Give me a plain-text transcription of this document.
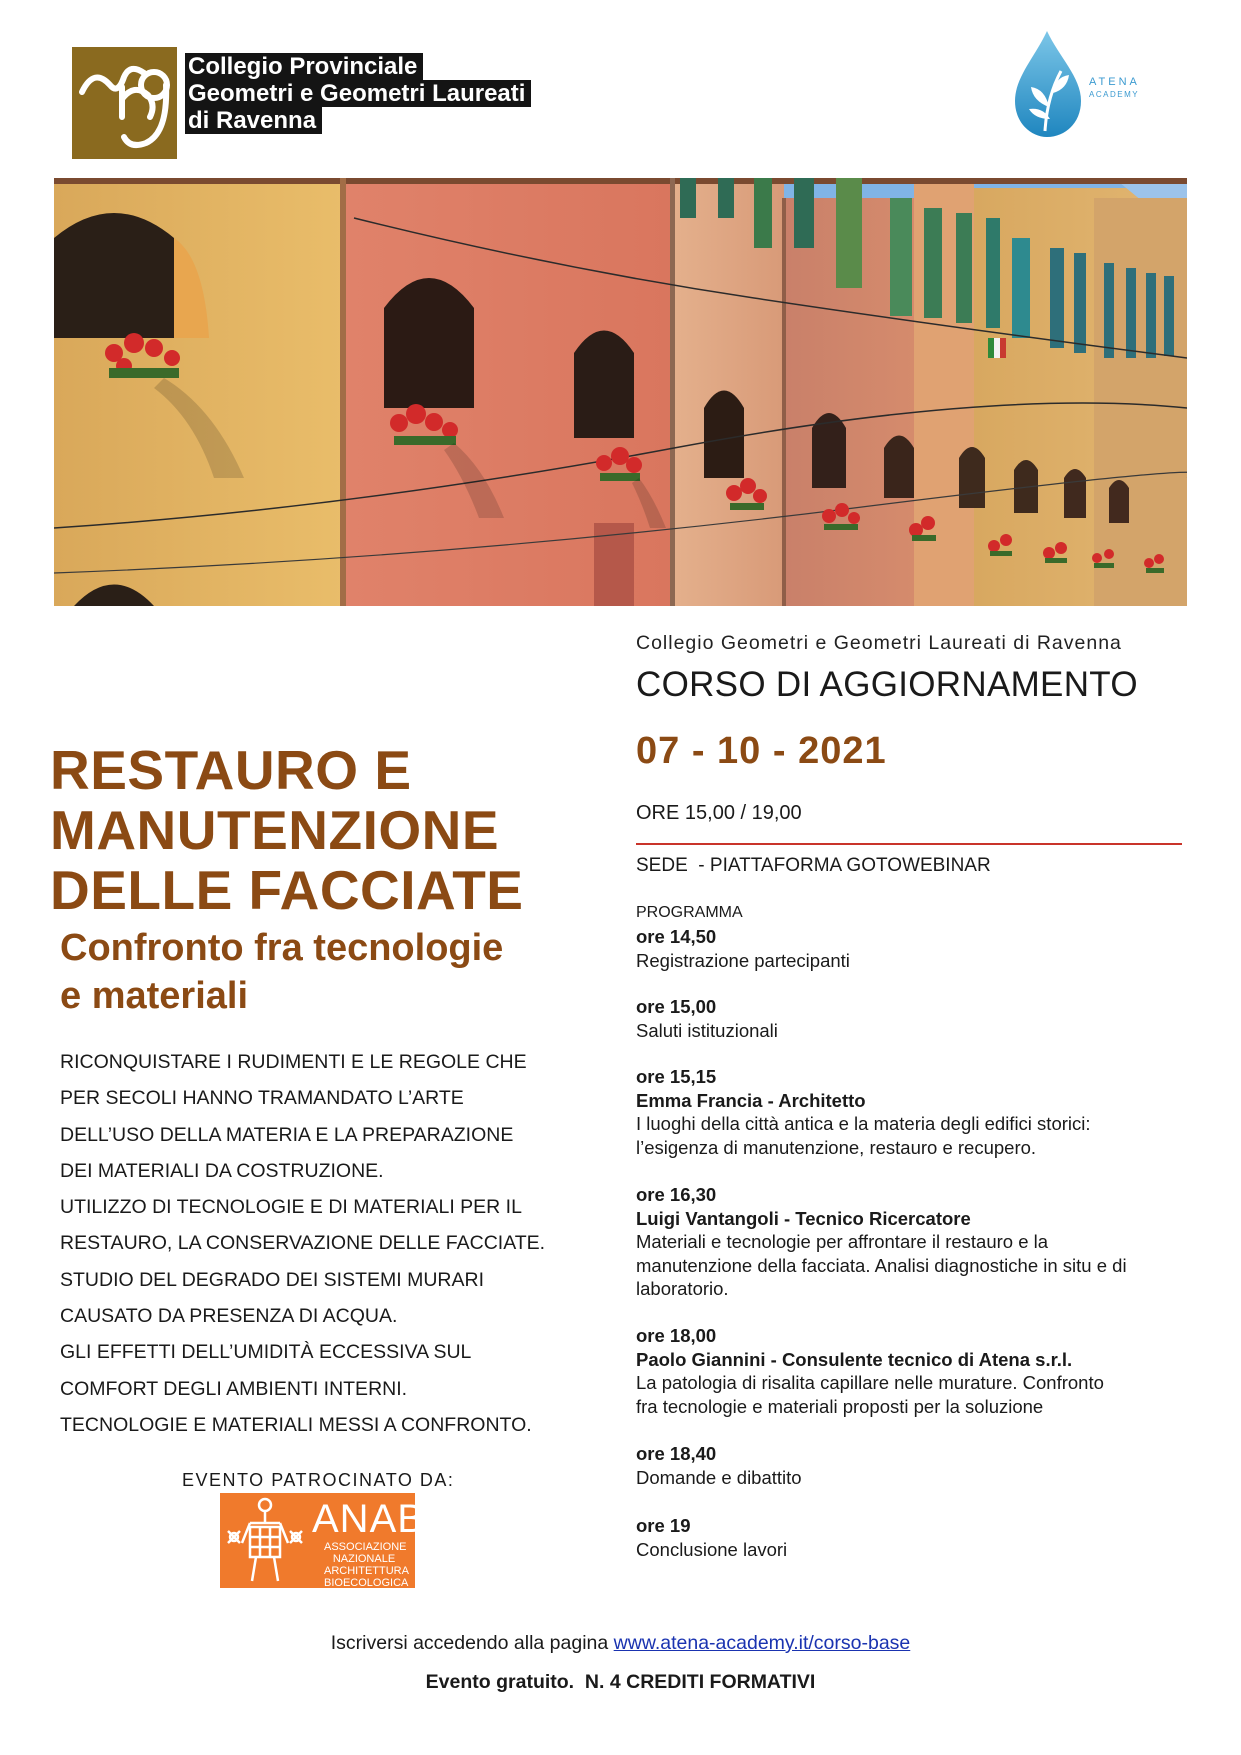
Collegio Provinciale
Geometri e Geometri Laureati
di Ravenna
ATENA
ACADEMY
Collegio Geometri e Geometri Laureati di Ravenna
CORSO DI AGGIORNAMENTO
07 - 10 - 2021
ORE 15,00 / 19,00
SEDE  - PIATTAFORMA GOTOWEBINAR
PROGRAMMA
ore 14,50
Registrazione partecipanti
ore 15,00
Saluti istituzionali
ore 15,15
Emma Francia - Architetto
I luoghi della città antica e la materia degli edifici storici:
l’esigenza di manutenzione, restauro e recupero.
ore 16,30
Luigi Vantangoli - Tecnico Ricercatore
Materiali e tecnologie per affrontare il restauro e la
manutenzione della facciata. Analisi diagnostiche in situ e di
laboratorio.
ore 18,00
Paolo Giannini - Consulente tecnico di Atena s.r.l.
La patologia di risalita capillare nelle murature. Confronto
fra tecnologie e materiali proposti per la soluzione
ore 18,40
Domande e dibattito
ore 19
Conclusione lavori
RESTAURO E
MANUTENZIONE
DELLE FACCIATE
Confronto fra tecnologie
e materiali
RICONQUISTARE I RUDIMENTI E LE REGOLE CHE
PER SECOLI HANNO TRAMANDATO L’ARTE
DELL’USO DELLA MATERIA E LA PREPARAZIONE
DEI MATERIALI DA COSTRUZIONE.
UTILIZZO DI TECNOLOGIE E DI MATERIALI PER IL
RESTAURO, LA CONSERVAZIONE DELLE FACCIATE.
STUDIO DEL DEGRADO DEI SISTEMI MURARI
CAUSATO DA PRESENZA DI ACQUA.
GLI EFFETTI DELL’UMIDITÀ ECCESSIVA SUL
COMFORT DEGLI AMBIENTI INTERNI.
TECNOLOGIE E MATERIALI MESSI A CONFRONTO.
EVENTO PATROCINATO DA:
ANAB
ASSOCIAZIONE
NAZIONALE
ARCHITETTURA
BIOECOLOGICA
Iscriversi accedendo alla pagina www.atena-academy.it/corso-base
Evento gratuito.  N. 4 CREDITI FORMATIVI
